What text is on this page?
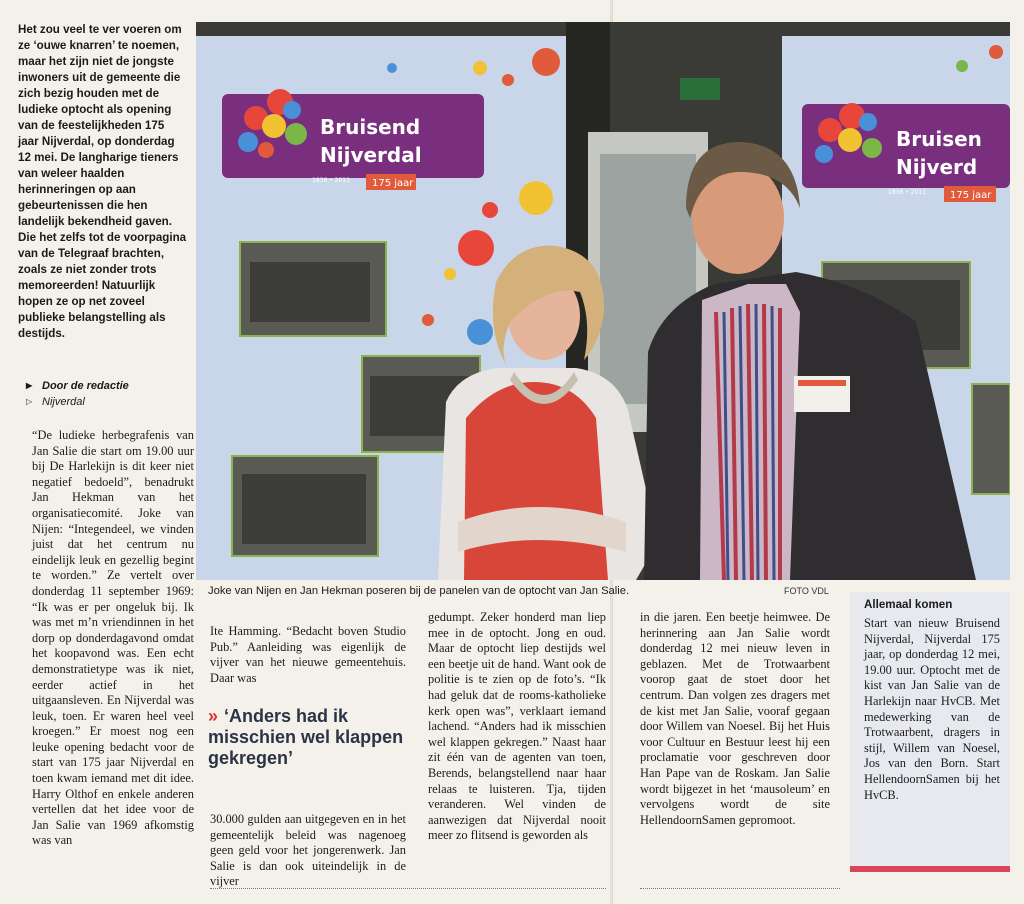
Het zou veel te ver voeren om ze ‘ouwe knarren’ te noemen, maar het zijn niet de jongste inwoners uit de gemeente die zich bezig houden met de ludieke optocht als opening van de feestelijkheden 175 jaar Nijverdal, op donderdag 12 mei. De langharige tieners van weleer haalden herinneringen op aan gebeurtenissen die hen landelijk bekendheid gaven. Die het zelfs tot de voorpagina van de Telegraaf brachten, zoals ze niet zonder trots memoreerden! Natuurlijk hopen ze op net zoveel publieke belangstelling als destijds.
▶ Door de redactie
▷ Nijverdal

“De ludieke herbegrafenis van Jan Salie die start om 19.00 uur bij De Harlekijn is dit keer niet negatief bedoeld”, benadrukt Jan Hekman van het organisatiecomité. Joke van Nijen: “Integendeel, we vinden juist dat het centrum nu eindelijk leuk en gezellig begint te worden.” Ze vertelt over donderdag 11 september 1969: “Ik was er per ongeluk bij. Ik was met m’n vriendinnen in het dorp op donderdagavond omdat het koopavond was. Een echt demonstratietype was ik niet, eerder actief in het uitgaansleven. En Nijverdal was leuk, toen. Er waren heel veel kroegen.” Er moest nog een leuke opening bedacht voor de start van 175 jaar Nijverdal en toen kwam iemand met dit idee. Harry Olthof en enkele anderen vertellen dat het idee voor de Jan Salie van 1969 afkomstig was van

Ite Hamming. “Bedacht boven Studio Pub.” Aanleiding was eigenlijk de vijver van het nieuwe gemeentehuis. Daar was

» ‘Anders had ik misschien wel klappen gekregen’

30.000 gulden aan uitgegeven en in het gemeentelijk beleid was nagenoeg geen geld voor het jongerenwerk. Jan Salie is dan ook uiteindelijk in de vijver

gedumpt. Zeker honderd man liep mee in de optocht. Jong en oud. Maar de optocht liep destijds wel een beetje uit de hand. Want ook de politie is te zien op de foto’s. “Ik had geluk dat de rooms-katholieke kerk open was”, verklaart iemand lachend. “Anders had ik misschien wel klappen gekregen.” Naast haar zit één van de agenten van toen, Berends, belangstellend naar haar relaas te luisteren. Tja, tijden veranderen. Wel vinden de aanwezigen dat Nijverdal nooit meer zo flitsend is geworden als

in die jaren. Een beetje heimwee. De herinnering aan Jan Salie wordt donderdag 12 mei nieuw leven in geblazen. Met de Trotwaarbent voorop gaat de stoet door het centrum. Dan volgen zes dragers met de kist met Jan Salie, vooraf gegaan door Willem van Noesel. Bij het Huis voor Cultuur en Bestuur leest hij een proclamatie voor geschreven door Han Pape van de Roskam. Jan Salie wordt bijgezet in het ‘mausoleum’ en vervolgens wordt de site HellendoornSamen gepromoot.

Bruisend
Nijverdal
1836 • 2011 175 jaar
Bruisen
Nijverd
1836 • 2011 175 jaar
Joke van Nijen en Jan Hekman poseren bij de panelen van de optocht van Jan Salie.	FOTO VDL
Allemaal komen
Start van nieuw Bruisend Nijverdal, Nijverdal 175 jaar, op donderdag 12 mei, 19.00 uur. Optocht met de kist van Jan Salie van de Harlekijn naar HvCB. Met medewerking van de Trotwaarbent, dragers in stijl, Willem van Noesel, Jos van den Born. Start HellendoornSamen bij het HvCB.
